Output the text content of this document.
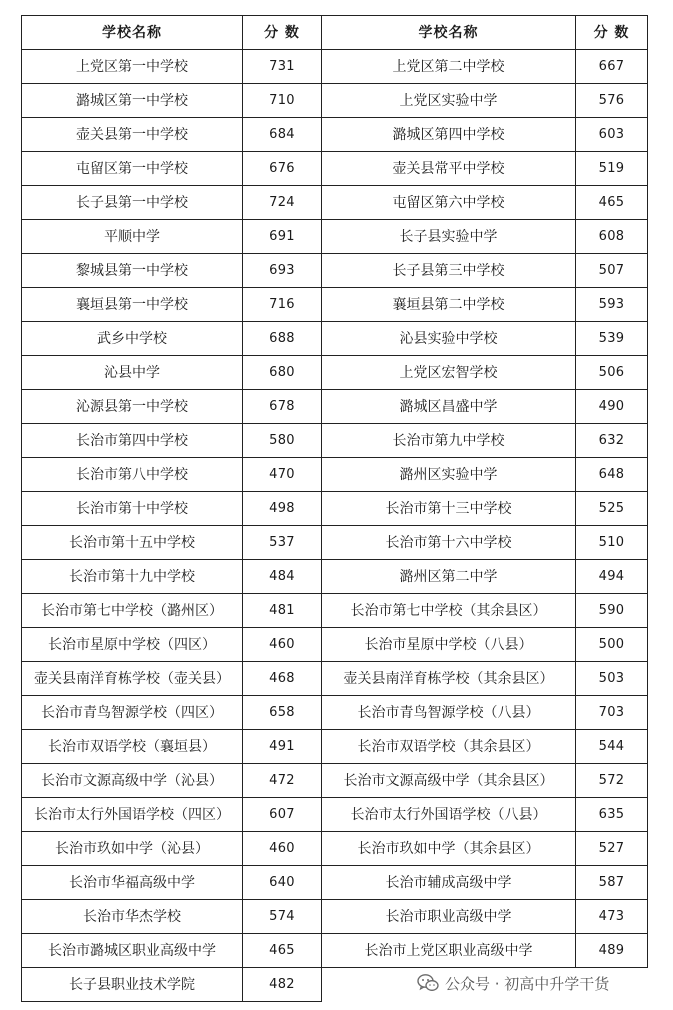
学校名称	分 数	学校名称	分 数
上党区第一中学校	731	上党区第二中学校	667
潞城区第一中学校	710	上党区实验中学	576
壶关县第一中学校	684	潞城区第四中学校	603
屯留区第一中学校	676	壶关县常平中学校	519
长子县第一中学校	724	屯留区第六中学校	465
平顺中学	691	长子县实验中学	608
黎城县第一中学校	693	长子县第三中学校	507
襄垣县第一中学校	716	襄垣县第二中学校	593
武乡中学校	688	沁县实验中学校	539
沁县中学	680	上党区宏智学校	506
沁源县第一中学校	678	潞城区昌盛中学	490
长治市第四中学校	580	长治市第九中学校	632
长治市第八中学校	470	潞州区实验中学	648
长治市第十中学校	498	长治市第十三中学校	525
长治市第十五中学校	537	长治市第十六中学校	510
长治市第十九中学校	484	潞州区第二中学	494
长治市第七中学校（潞州区）	481	长治市第七中学校（其余县区）	590
长治市星原中学校（四区）	460	长治市星原中学校（八县）	500
壶关县南洋育栋学校（壶关县）	468	壶关县南洋育栋学校（其余县区）	503
长治市青鸟智源学校（四区）	658	长治市青鸟智源学校（八县）	703
长治市双语学校（襄垣县）	491	长治市双语学校（其余县区）	544
长治市文源高级中学（沁县）	472	长治市文源高级中学（其余县区）	572
长治市太行外国语学校（四区）	607	长治市太行外国语学校（八县）	635
长治市玖如中学（沁县）	460	长治市玖如中学（其余县区）	527
长治市华福高级中学	640	长治市辅成高级中学	587
长治市华杰学校	574	长治市职业高级中学	473
长治市潞城区职业高级中学	465	长治市上党区职业高级中学	489
长子县职业技术学院	482			公众号 · 初高中升学干货
